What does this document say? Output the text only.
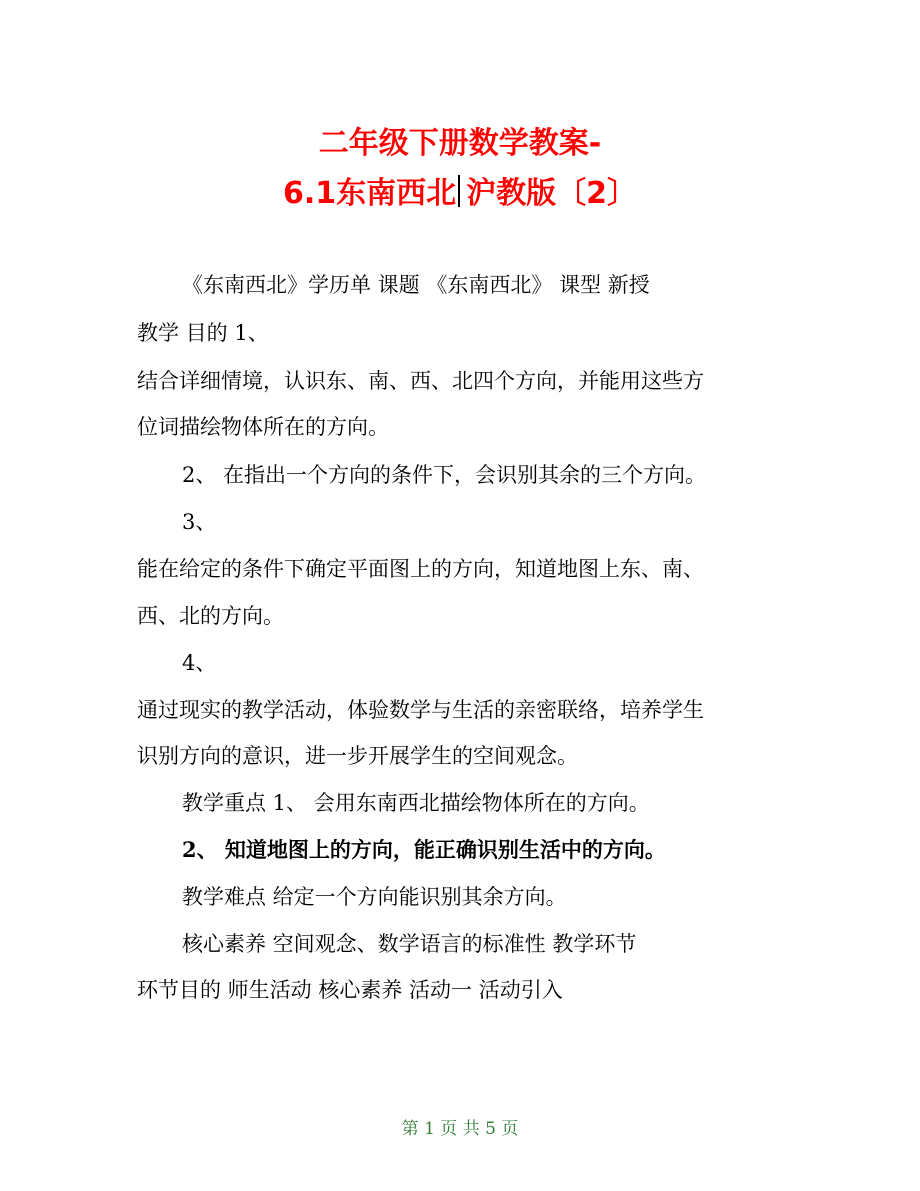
二年级下册数学教案-
6.1东南西北 沪教版〔2〕
《东南西北》学历单 课题 《东南西北》 课型 新授
教学 目的 1、
结合详细情境，认识东、南、西、北四个方向，并能用这些方
位词描绘物体所在的方向。
2、 在指出一个方向的条件下，会识别其余的三个方向。
3、
能在给定的条件下确定平面图上的方向，知道地图上东、南、
西、北的方向。
4、
通过现实的教学活动，体验数学与生活的亲密联络，培养学生
识别方向的意识，进一步开展学生的空间观念。
教学重点 1、 会用东南西北描绘物体所在的方向。
2、 知道地图上的方向，能正确识别生活中的方向。
教学难点 给定一个方向能识别其余方向。
核心素养 空间观念、数学语言的标准性 教学环节
环节目的 师生活动 核心素养 活动一 活动引入
第 1 页 共 5 页
